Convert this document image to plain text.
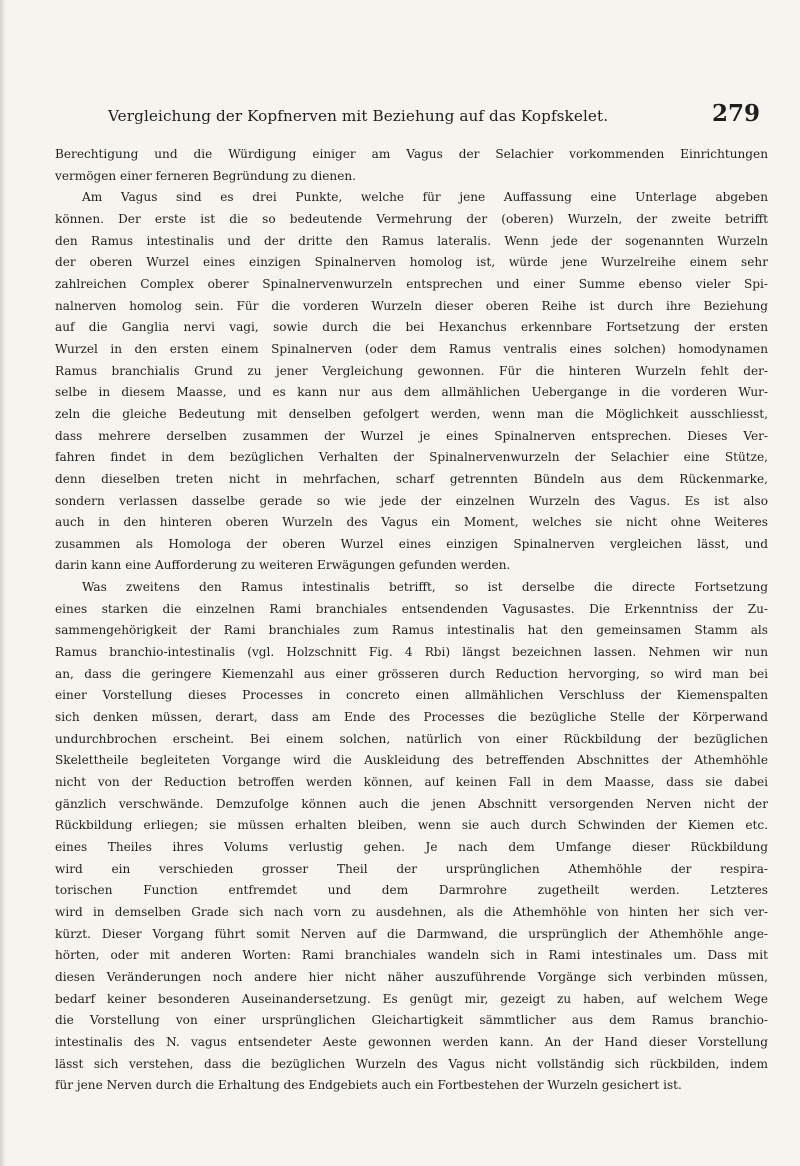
Vergleichung der Kopfnerven mit Beziehung auf das Kopfskelet.	279
Berechtigung und die Würdigung einiger am Vagus der Selachier vorkommenden Einrichtungen
vermögen einer ferneren Begründung zu dienen.
Am Vagus sind es drei Punkte, welche für jene Auffassung eine Unterlage abgeben
können. Der erste ist die so bedeutende Vermehrung der (oberen) Wurzeln, der zweite betrifft
den Ramus intestinalis und der dritte den Ramus lateralis. Wenn jede der sogenannten Wurzeln
der oberen Wurzel eines einzigen Spinalnerven homolog ist, würde jene Wurzelreihe einem sehr
zahlreichen Complex oberer Spinalnervenwurzeln entsprechen und einer Summe ebenso vieler Spi-
nalnerven homolog sein. Für die vorderen Wurzeln dieser oberen Reihe ist durch ihre Beziehung
auf die Ganglia nervi vagi, sowie durch die bei Hexanchus erkennbare Fortsetzung der ersten
Wurzel in den ersten einem Spinalnerven (oder dem Ramus ventralis eines solchen) homodynamen
Ramus branchialis Grund zu jener Vergleichung gewonnen. Für die hinteren Wurzeln fehlt der-
selbe in diesem Maasse, und es kann nur aus dem allmählichen Uebergange in die vorderen Wur-
zeln die gleiche Bedeutung mit denselben gefolgert werden, wenn man die Möglichkeit ausschliesst,
dass mehrere derselben zusammen der Wurzel je eines Spinalnerven entsprechen. Dieses Ver-
fahren findet in dem bezüglichen Verhalten der Spinalnervenwurzeln der Selachier eine Stütze,
denn dieselben treten nicht in mehrfachen, scharf getrennten Bündeln aus dem Rückenmarke,
sondern verlassen dasselbe gerade so wie jede der einzelnen Wurzeln des Vagus. Es ist also
auch in den hinteren oberen Wurzeln des Vagus ein Moment, welches sie nicht ohne Weiteres
zusammen als Homologa der oberen Wurzel eines einzigen Spinalnerven vergleichen lässt, und
darin kann eine Aufforderung zu weiteren Erwägungen gefunden werden.
Was zweitens den Ramus intestinalis betrifft, so ist derselbe die directe Fortsetzung
eines starken die einzelnen Rami branchiales entsendenden Vagusastes. Die Erkenntniss der Zu-
sammengehörigkeit der Rami branchiales zum Ramus intestinalis hat den gemeinsamen Stamm als
Ramus branchio-intestinalis (vgl. Holzschnitt Fig. 4 Rbi) längst bezeichnen lassen. Nehmen wir nun
an, dass die geringere Kiemenzahl aus einer grösseren durch Reduction hervorging, so wird man bei
einer Vorstellung dieses Processes in concreto einen allmählichen Verschluss der Kiemenspalten
sich denken müssen, derart, dass am Ende des Processes die bezügliche Stelle der Körperwand
undurchbrochen erscheint. Bei einem solchen, natürlich von einer Rückbildung der bezüglichen
Skelettheile begleiteten Vorgange wird die Auskleidung des betreffenden Abschnittes der Athemhöhle
nicht von der Reduction betroffen werden können, auf keinen Fall in dem Maasse, dass sie dabei
gänzlich verschwände. Demzufolge können auch die jenen Abschnitt versorgenden Nerven nicht der
Rückbildung erliegen; sie müssen erhalten bleiben, wenn sie auch durch Schwinden der Kiemen etc.
eines Theiles ihres Volums verlustig gehen. Je nach dem Umfange dieser Rückbildung
wird ein verschieden grosser Theil der ursprünglichen Athemhöhle der respira-
torischen Function entfremdet und dem Darmrohre zugetheilt werden. Letzteres
wird in demselben Grade sich nach vorn zu ausdehnen, als die Athemhöhle von hinten her sich ver-
kürzt. Dieser Vorgang führt somit Nerven auf die Darmwand, die ursprünglich der Athemhöhle ange-
hörten, oder mit anderen Worten: Rami branchiales wandeln sich in Rami intestinales um. Dass mit
diesen Veränderungen noch andere hier nicht näher auszuführende Vorgänge sich verbinden müssen,
bedarf keiner besonderen Auseinandersetzung. Es genügt mir, gezeigt zu haben, auf welchem Wege
die Vorstellung von einer ursprünglichen Gleichartigkeit sämmtlicher aus dem Ramus branchio-
intestinalis des N. vagus entsendeter Aeste gewonnen werden kann. An der Hand dieser Vorstellung
lässt sich verstehen, dass die bezüglichen Wurzeln des Vagus nicht vollständig sich rückbilden, indem
für jene Nerven durch die Erhaltung des Endgebiets auch ein Fortbestehen der Wurzeln gesichert ist.
